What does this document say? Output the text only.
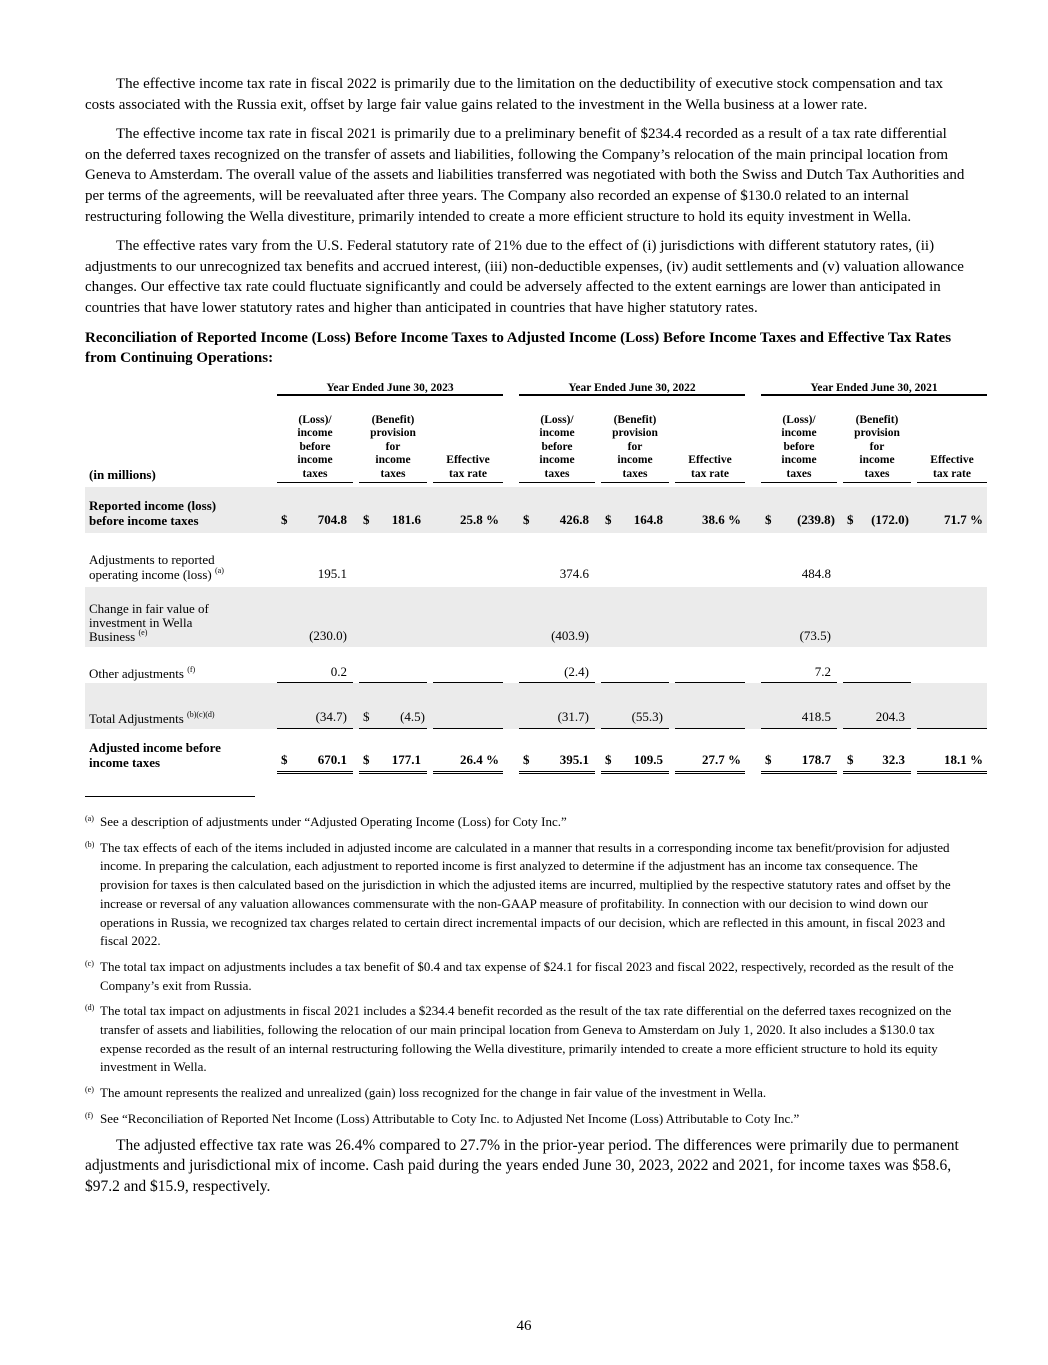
The effective income tax rate in fiscal 2022 is primarily due to the limitation on the deductibility of executive stock compensation and tax costs associated with the Russia exit, offset by large fair value gains related to the investment in the Wella business at a lower rate.

The effective income tax rate in fiscal 2021 is primarily due to a preliminary benefit of $234.4 recorded as a result of a tax rate differential on the deferred taxes recognized on the transfer of assets and liabilities, following the Company’s relocation of the main principal location from Geneva to Amsterdam. The overall value of the assets and liabilities transferred was negotiated with both the Swiss and Dutch Tax Authorities and per terms of the agreements, will be reevaluated after three years. The Company also recorded an expense of $130.0 related to an internal restructuring following the Wella divestiture, primarily intended to create a more efficient structure to hold its equity investment in Wella.

The effective rates vary from the U.S. Federal statutory rate of 21% due to the effect of (i) jurisdictions with different statutory rates, (ii) adjustments to our unrecognized tax benefits and accrued interest, (iii) non-deductible expenses, (iv) audit settlements and (v) valuation allowance changes. Our effective tax rate could fluctuate significantly and could be adversely affected to the extent earnings are lower than anticipated in countries that have lower statutory rates and higher than anticipated in countries that have higher statutory rates.

Reconciliation of Reported Income (Loss) Before Income Taxes to Adjusted Income (Loss) Before Income Taxes and Effective Tax Rates from Continuing Operations:
		Year Ended June 30, 2023						Year Ended June 30, 2022						Year Ended June 30, 2021				

(in millions)		(Loss)/
income
before
income
taxes		(Benefit)
provision
for
income
taxes		Effective
tax rate		(Loss)/
income
before
income
taxes		(Benefit)
provision
for
income
taxes		Effective
tax rate		(Loss)/
income
before
income
taxes		(Benefit)
provision
for
income
taxes		Effective
tax rate

Reported income (loss)
before income taxes		$ 704.8		$ 181.6		25.8 %		$ 426.8		$ 164.8		38.6 %		$ (239.8)		$ (172.0)		71.7 %
Adjustments to reported
operating income (loss) $^{(a)}$		195.1						374.6						484.8				
Change in fair value of
investment in Wella
Business $^{(e)}$		(230.0)						(403.9)						(73.5)				
Other adjustments $^{(f)}$		0.2						(2.4)						7.2				
Total Adjustments $^{(b)(c)(d)}$		(34.7)		$ (4.5)				(31.7)		(55.3)				418.5		204.3		
Adjusted income before
income taxes		$ 670.1		$ 177.1		26.4 %		$ 395.1		$ 109.5		27.7 %		$ 178.7		$ 32.3		18.1 %

(a) See a description of adjustments under “Adjusted Operating Income (Loss) for Coty Inc.”

(b) The tax effects of each of the items included in adjusted income are calculated in a manner that results in a corresponding income tax benefit/provision for adjusted income. In preparing the calculation, each adjustment to reported income is first analyzed to determine if the adjustment has an income tax consequence. The provision for taxes is then calculated based on the jurisdiction in which the adjusted items are incurred, multiplied by the respective statutory rates and offset by the increase or reversal of any valuation allowances commensurate with the non-GAAP measure of profitability. In connection with our decision to wind down our operations in Russia, we recognized tax charges related to certain direct incremental impacts of our decision, which are reflected in this amount, in fiscal 2023 and fiscal 2022.

(c) The total tax impact on adjustments includes a tax benefit of $0.4 and tax expense of $24.1 for fiscal 2023 and fiscal 2022, respectively, recorded as the result of the Company’s exit from Russia.

(d) The total tax impact on adjustments in fiscal 2021 includes a $234.4 benefit recorded as the result of the tax rate differential on the deferred taxes recognized on the transfer of assets and liabilities, following the relocation of our main principal location from Geneva to Amsterdam on July 1, 2020. It also includes a $130.0 tax expense recorded as the result of an internal restructuring following the Wella divestiture, primarily intended to create a more efficient structure to hold its equity investment in Wella.

(e) The amount represents the realized and unrealized (gain) loss recognized for the change in fair value of the investment in Wella.

(f) See “Reconciliation of Reported Net Income (Loss) Attributable to Coty Inc. to Adjusted Net Income (Loss) Attributable to Coty Inc.”

The adjusted effective tax rate was 26.4% compared to 27.7% in the prior-year period. The differences were primarily due to permanent adjustments and jurisdictional mix of income. Cash paid during the years ended June 30, 2023, 2022 and 2021, for income taxes was $58.6, $97.2 and $15.9, respectively.

46
